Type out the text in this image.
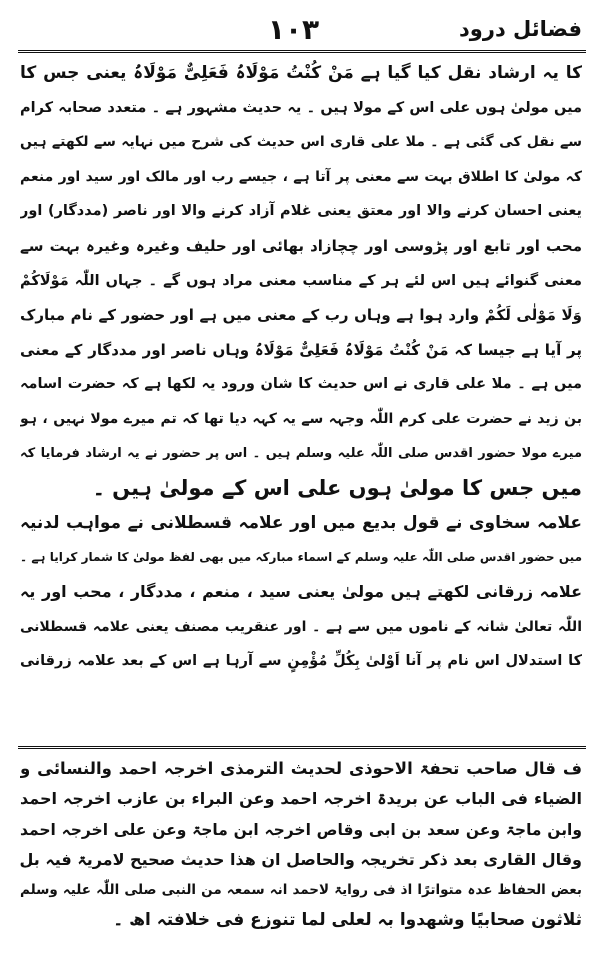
۱۰۳	فضائل درود
کا یہ ارشاد نقل کیا گیا ہے مَنْ کُنْتُ مَوْلَاہُ فَعَلِیٌّ مَوْلَاہُ یعنی جس کا
میں مولیٰ ہوں علی اس کے مولا ہیں ۔ یہ حدیث مشہور ہے ۔ متعدد صحابہ کرام
سے نقل کی گئی ہے ۔ ملا علی قاری اس حدیث کی شرح میں نہایہ سے لکھتے ہیں
کہ مولیٰ کا اطلاق بہت سے معنی پر آتا ہے ، جیسے رب اور مالک اور سید اور منعم
یعنی احسان کرنے والا اور معتق یعنی غلام آزاد کرنے والا اور ناصر (مددگار) اور
محب اور تابع اور پڑوسی اور چچازاد بھائی اور حلیف وغیرہ وغیرہ بہت سے
معنی گنوائے ہیں اس لئے ہر کے مناسب معنی مراد ہوں گے ۔ جہاں اللّٰہ مَوْلَاکُمْ
وَلَا مَوْلٰی لَکُمْ وارد ہوا ہے وہاں رب کے معنی میں ہے اور حضور کے نام مبارک
پر آیا ہے جیسا کہ مَنْ کُنْتُ مَوْلَاہُ فَعَلِیٌّ مَوْلَاہُ وہاں ناصر اور مددگار کے معنی
میں ہے ۔ ملا علی قاری نے اس حدیث کا شان ورود یہ لکھا ہے کہ حضرت اسامہ
بن زید نے حضرت علی کرم اللّٰہ وجہہ سے یہ کہہ دیا تھا کہ تم میرے مولا نہیں ، ہو
میرے مولا حضور اقدس صلی اللّٰہ علیہ وسلم ہیں ۔ اس پر حضور نے یہ ارشاد فرمایا کہ
میں جس کا مولیٰ ہوں علی اس کے مولیٰ ہیں ۔
علامہ سخاوی نے قول بدیع میں اور علامہ قسطلانی نے مواہب لدنیہ
میں حضور اقدس صلی اللّٰہ علیہ وسلم کے اسماء مبارکہ میں بھی لفظ مولیٰ کا شمار کرایا ہے ۔
علامہ زرقانی لکھتے ہیں مولیٰ یعنی سید ، منعم ، مددگار ، محب اور یہ
اللّٰہ تعالیٰ شانہ کے ناموں میں سے ہے ۔ اور عنقریب مصنف یعنی علامہ قسطلانی
کا استدلال اس نام پر آنا اَوْلیٰ بِکُلِّ مُؤْمِنٍ سے آرہا ہے اس کے بعد علامہ زرقانی
ف قال صاحب تحفۃ الاحوذی لحدیث الترمذی اخرجہ احمد والنسائی و
الضیاء فی الباب عن بریدۃ اخرجہ احمد وعن البراء بن عازب اخرجہ احمد
وابن ماجۃ وعن سعد بن ابی وقاص اخرجہ ابن ماجۃ وعن علی اخرجہ احمد
وقال القاری بعد ذکر تخریجہ والحاصل ان ھذا حدیث صحیح لامریۃ فیہ بل
بعض الحفاظ عدہ متواترًا اذ فی روایۃ لاحمد انہ سمعہ من النبی صلی اللّٰہ علیہ وسلم
ثلاثون صحابیًا وشھدوا بہ لعلی لما تنوزع فی خلافتہ اھ ۔
